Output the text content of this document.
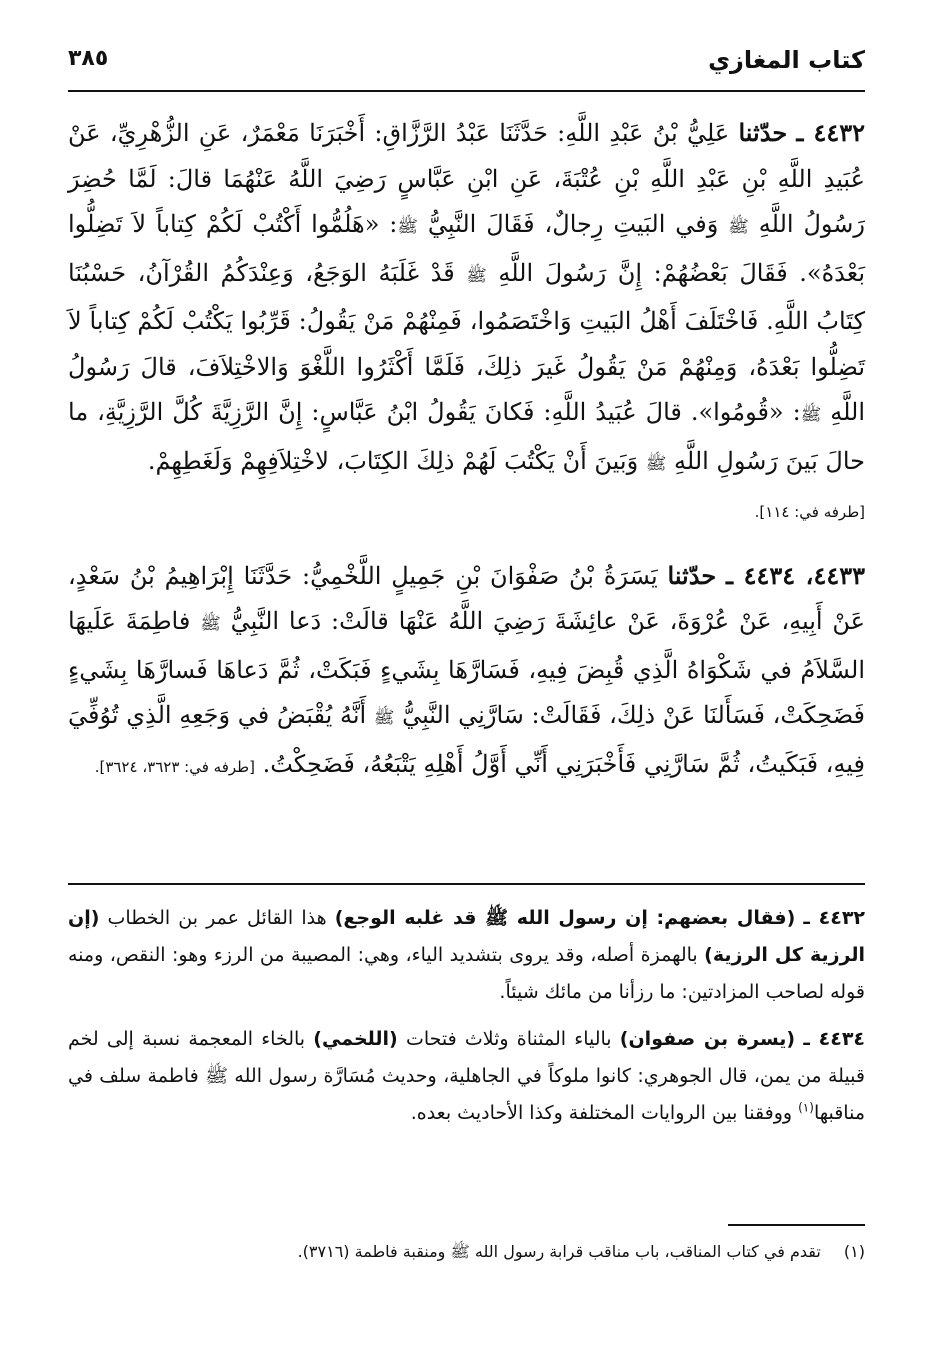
كتاب المغازي
٣٨٥

٤٤٣٢ ـ حدّثنا عَلِيُّ بْنُ عَبْدِ اللَّهِ: حَدَّثَنَا عَبْدُ الرَّزَّاقِ: أَخْبَرَنَا مَعْمَرٌ، عَنِ الزُّهْرِيِّ، عَنْ عُبَيدِ اللَّهِ بْنِ عَبْدِ اللَّهِ بْنِ عُتْبَةَ، عَنِ ابْنِ عَبَّاسٍ رَضِيَ اللَّهُ عَنْهُمَا قالَ: لَمَّا حُضِرَ رَسُولُ اللَّهِ ﷺ وَفي البَيتِ رِجالٌ، فَقَالَ النَّبِيُّ ﷺ: «هَلُمُّوا أَكْتُبْ لَكُمْ كِتاباً لاَ تَضِلُّوا بَعْدَهُ». فَقَالَ بَعْضُهُمْ: إِنَّ رَسُولَ اللَّهِ ﷺ قَدْ غَلَبَهُ الوَجَعُ، وَعِنْدَكُمُ القُرْآنُ، حَسْبُنَا كِتَابُ اللَّهِ. فَاخْتَلَفَ أَهْلُ البَيتِ وَاخْتَصَمُوا، فَمِنْهُمْ مَنْ يَقُولُ: قَرِّبُوا يَكْتُبْ لَكُمْ كِتاباً لاَ تَضِلُّوا بَعْدَهُ، وَمِنْهُمْ مَنْ يَقُولُ غَيرَ ذلِكَ، فَلَمَّا أَكْثَرُوا اللَّغْوَ وَالاخْتِلاَفَ، قالَ رَسُولُ اللَّهِ ﷺ: «قُومُوا». قالَ عُبَيدُ اللَّهِ: فَكانَ يَقُولُ ابْنُ عَبَّاسٍ: إِنَّ الرَّزِيَّةَ كُلَّ الرَّزِيَّةِ، ما حالَ بَينَ رَسُولِ اللَّهِ ﷺ وَبَينَ أَنْ يَكْتُبَ لَهُمْ ذلِكَ الكِتَابَ، لاخْتِلاَفِهِمْ وَلَغَطِهِمْ.
[طرفه في: ١١٤].

٤٤٣٣، ٤٤٣٤ ـ حدّثنا يَسَرَةُ بْنُ صَفْوَانَ بْنِ جَمِيلٍ اللَّخْمِيُّ: حَدَّثَنَا إِبْرَاهِيمُ بْنُ سَعْدٍ، عَنْ أَبِيهِ، عَنْ عُرْوَةَ، عَنْ عائِشَةَ رَضِيَ اللَّهُ عَنْهَا قالَتْ: دَعا النَّبِيُّ ﷺ فاطِمَةَ عَلَيهَا السَّلاَمُ في شَكْوَاهُ الَّذِي قُبِضَ فِيهِ، فَسَارَّهَا بِشَيءٍ فَبَكَتْ، ثُمَّ دَعاهَا فَسارَّهَا بِشَيءٍ فَضَحِكَتْ، فَسَأَلنَا عَنْ ذلِكَ، فَقَالَتْ: سَارَّنِي النَّبِيُّ ﷺ أَنَّهُ يُقْبَضُ في وَجَعِهِ الَّذِي تُوُفِّيَ فِيهِ، فَبَكَيتُ، ثُمَّ سَارَّنِي فَأَخْبَرَنِي أَنِّي أَوَّلُ أَهْلِهِ يَتْبَعُهُ، فَضَحِكْتُ. [طرفه في: ٣٦٢٣، ٣٦٢٤].

٤٤٣٢ ـ (فقال بعضهم: إن رسول الله ﷺ قد غلبه الوجع) هذا القائل عمر بن الخطاب (إن الرزية كل الرزية) بالهمزة أصله، وقد يروى بتشديد الياء، وهي: المصيبة من الرزء وهو: النقص، ومنه قوله لصاحب المزادتين: ما رزأنا من مائك شيئاً.

٤٤٣٤ ـ (يسرة بن صفوان) بالياء المثناة وثلاث فتحات (اللخمي) بالخاء المعجمة نسبة إلى لخم قبيلة من يمن، قال الجوهري: كانوا ملوكاً في الجاهلية، وحديث مُسَارَّة رسول الله ﷺ فاطمة سلف في مناقبها$^{(١)}$ ووفقنا بين الروايات المختلفة وكذا الأحاديث بعده.

(١) تقدم في كتاب المناقب، باب مناقب قرابة رسول الله ﷺ ومنقبة فاطمة (٣٧١٦).
